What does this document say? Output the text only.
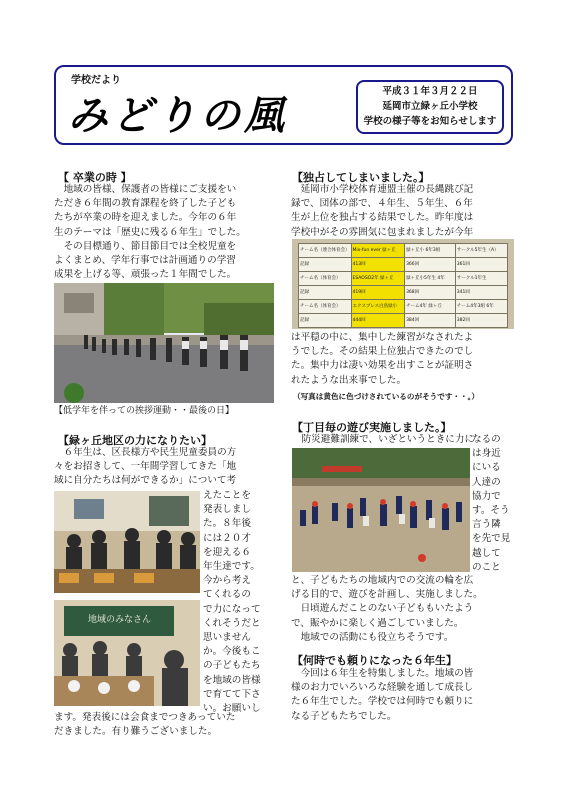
学校だより
みどりの風
平成３１年３月２２日
延岡市立緑ヶ丘小学校
学校の様子等をお知らせします
【 卒業の時 】
　地域の皆様、保護者の皆様にご支援をい
ただき６年間の教育課程を終了した子ども
たちが卒業の時を迎えました。今年の６年
生のテーマは「歴史に残る６年生」でした。
　その目標通り、節目節目では全校児童を
よくまとめ、学年行事では計画通りの学習
成果を上げる等、頑張った１年間でした。
【低学年を伴っての挨拶運動・・最後の日】
【緑ヶ丘地区の力になりたい】
　６年生は、区長様方や民生児童委員の方
々をお招きして、一年間学習してきた「地
域に自分たちは何ができるか」について考
地域のみなさん
えたことを
発表しまし
た。８年後
には２０才
を迎える６
年生達です。
今から考え
てくれるの
で力になって
くれそうだと
思いません
か。今後もこ
の子どもたち
を地域の皆様
で育てて下さ
い。お願いし
ます。発表後には会食までつきあっていた
だきました。有り難うございました。
【独占してしまいました。】
　延岡市小学校体育連盟主催の長縄跳び記
録で、団体の部で、４年生、５年生、６年
生が上位を独占する結果でした。昨年度は
学校中がその雰囲気に包まれましたが今年
チーム名（連合体育会）	Mix-fun ever 緑ヶ丘	緑ヶ丘小 6年3組	サークル5年生（A）
記録	413回	366回	361回
チーム名（体育会）	ESAOSO2年 緑ヶ丘	緑ヶ丘小5年生 4年	サークル1年生
記録	419回	368回	341回
チーム名（体育会）	エクスプレス白鳥緑小	チーム4年 緑ヶ丘	チーム4年3組 6年
記録	444回	384回	382回
は平穏の中に、集中した練習がなされたよ
うでした。その結果上位独占できたのでし
た。集中力は凄い効果を出すことが証明さ
れたような出来事でした。
（写真は黄色に色づけされているのがそうです・・。）
【丁目毎の遊び実施しました。】
　防災避難訓練で、いざというときに力に
なるの
は身近
にいる
人達の
協力で
す。そう
言う隣
を先で見
越して
のこと
と、子どもたちの地域内での交流の輪を広
げる目的で、遊びを計画し、実施しました。
　日頃遊んだことのない子どももいたよう
で、賑やかに楽しく過ごしていました。
　地域での活動にも役立ちそうです。
【何時でも頼りになった６年生】
　今回は６年生を特集しました。地域の皆
様のお力でいろいろな経験を通して成長し
た６年生でした。学校では何時でも頼りに
なる子どもたちでした。
